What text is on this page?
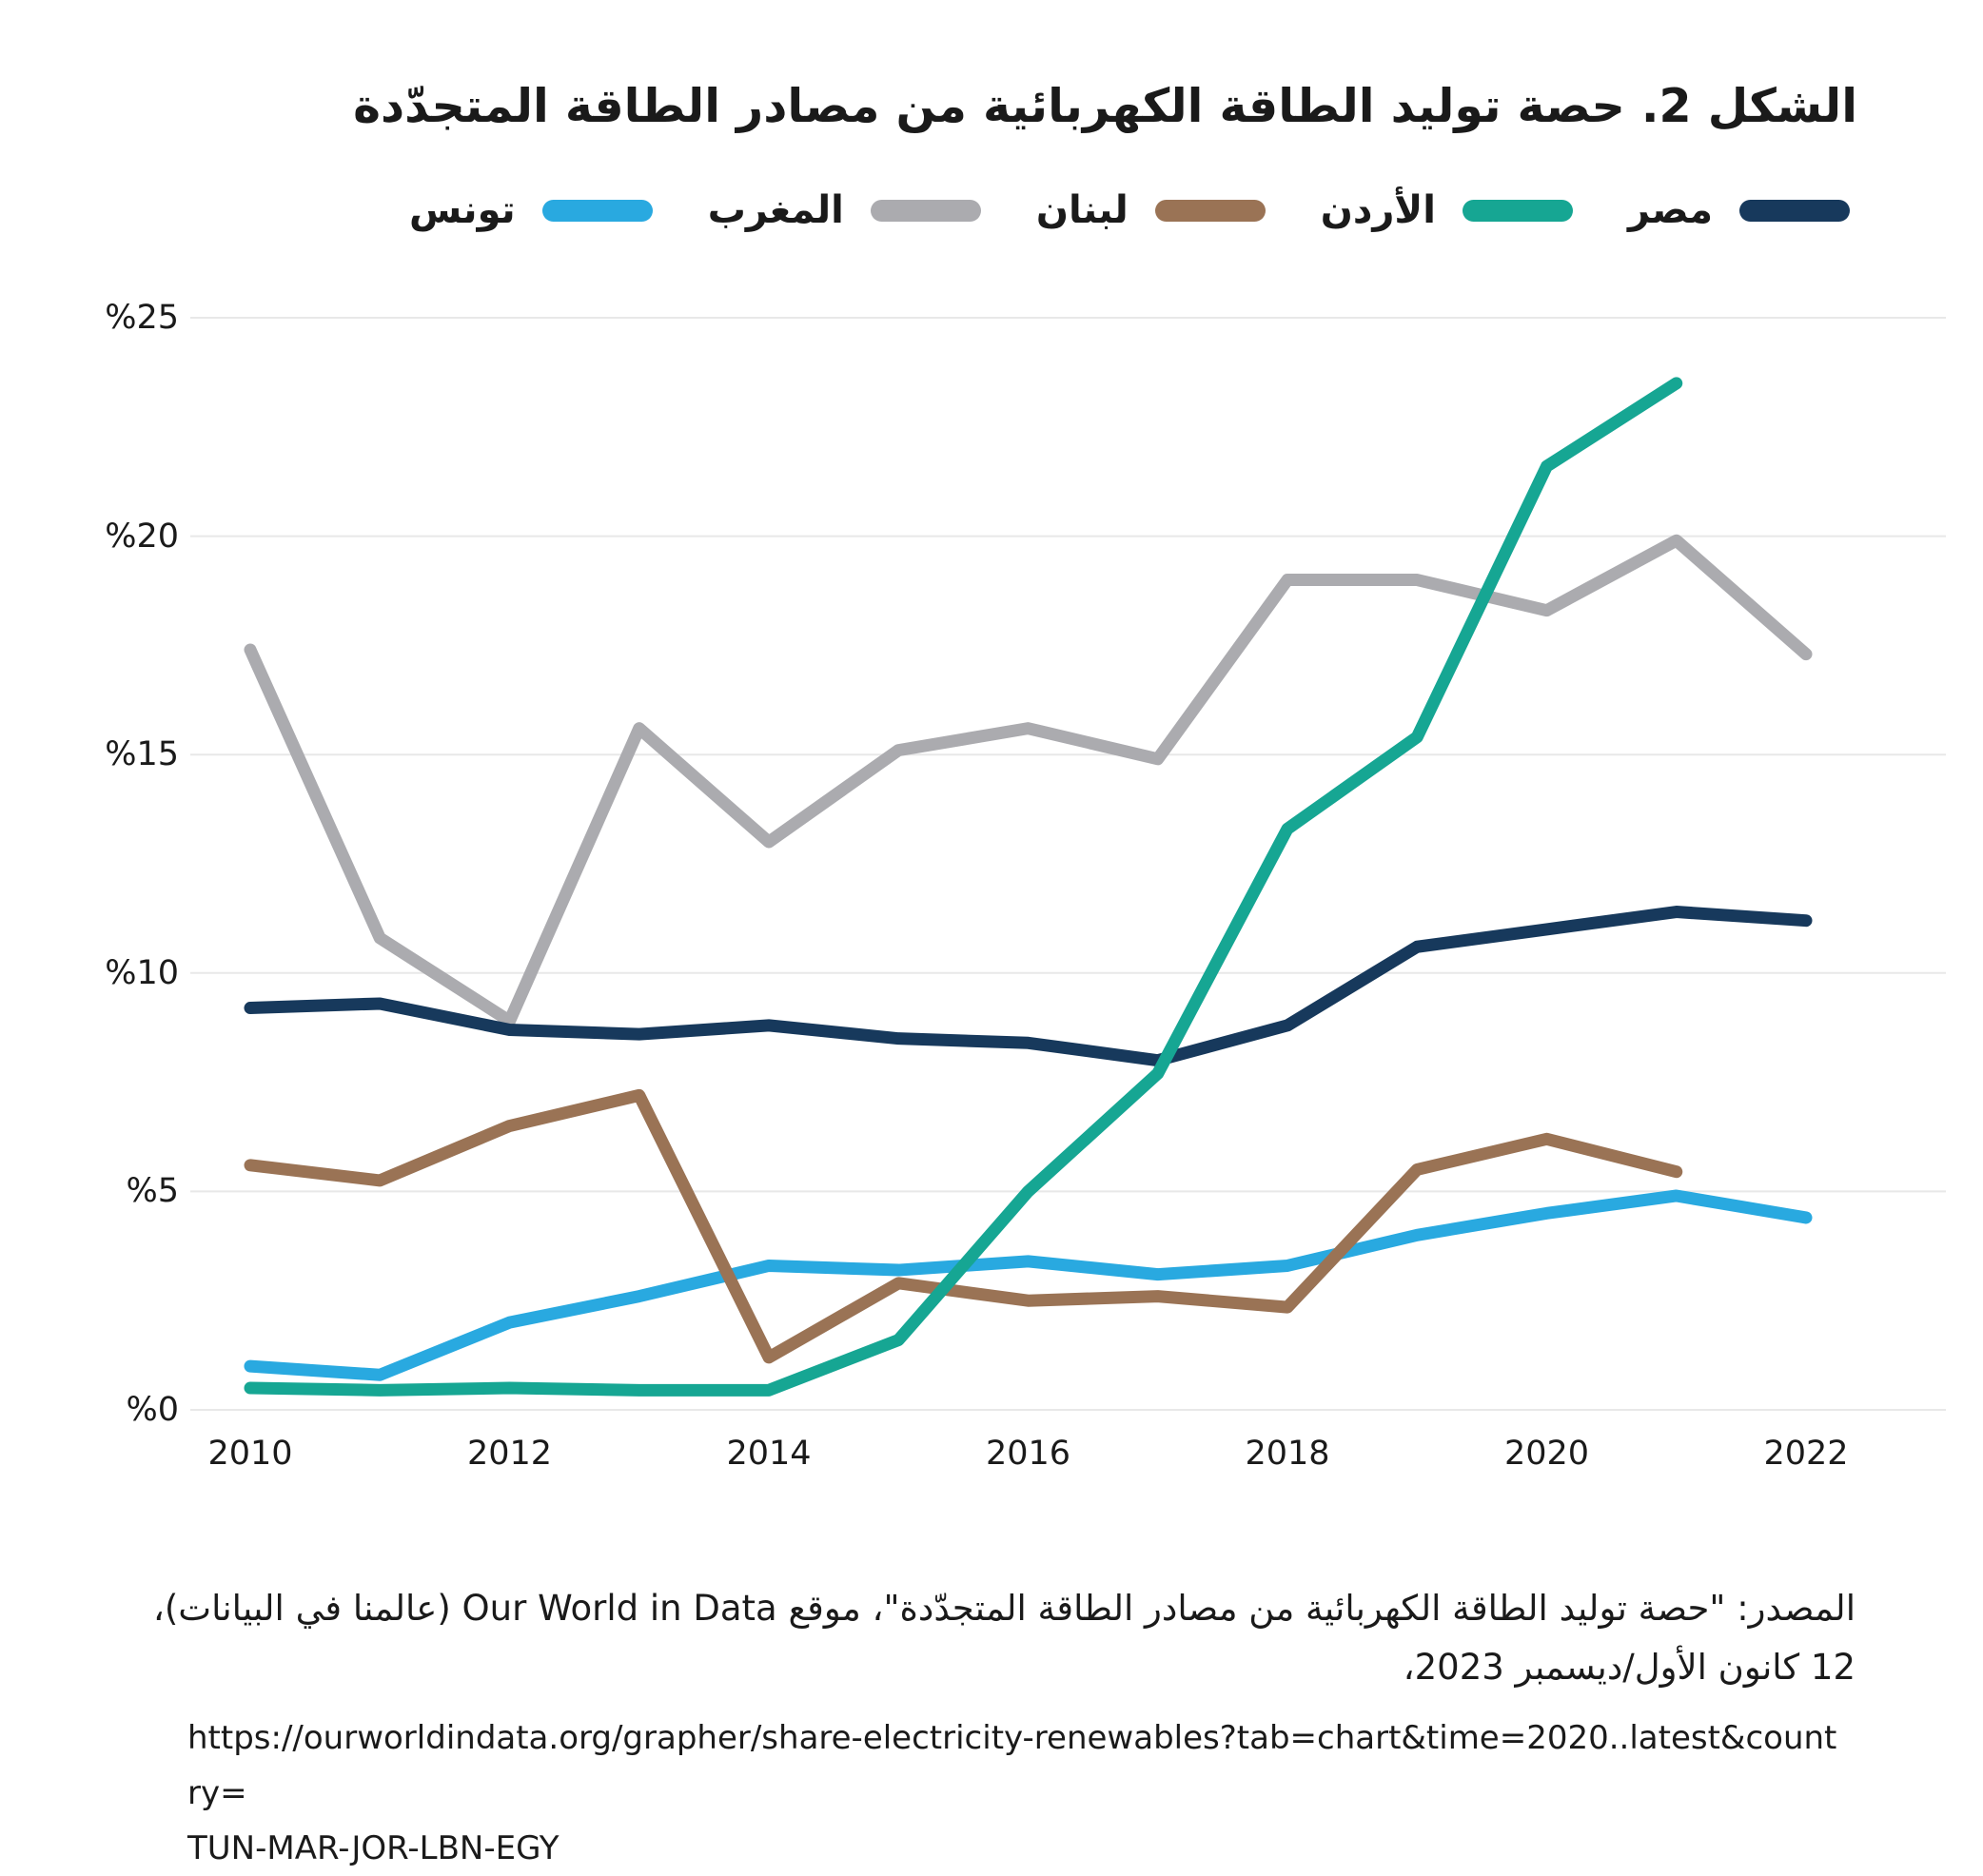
الشكل 2. حصة توليد الطاقة الكهربائية من مصادر الطاقة المتجدّدة
مصر
الأردن
لبنان
المغرب
تونس
%0
%5
%10
%15
%20
%25
2010	2012	2014	2016	2018	2020	2022
المصدر: "حصة توليد الطاقة الكهربائية من مصادر الطاقة المتجدّدة"، موقع Our World in Data (عالمنا في البيانات)،
12 كانون الأول/ديسمبر 2023،
https://ourworldindata.org/grapher/share-electricity-renewables?tab=chart&time=2020..latest&country=
TUN-MAR-JOR-LBN-EGY
